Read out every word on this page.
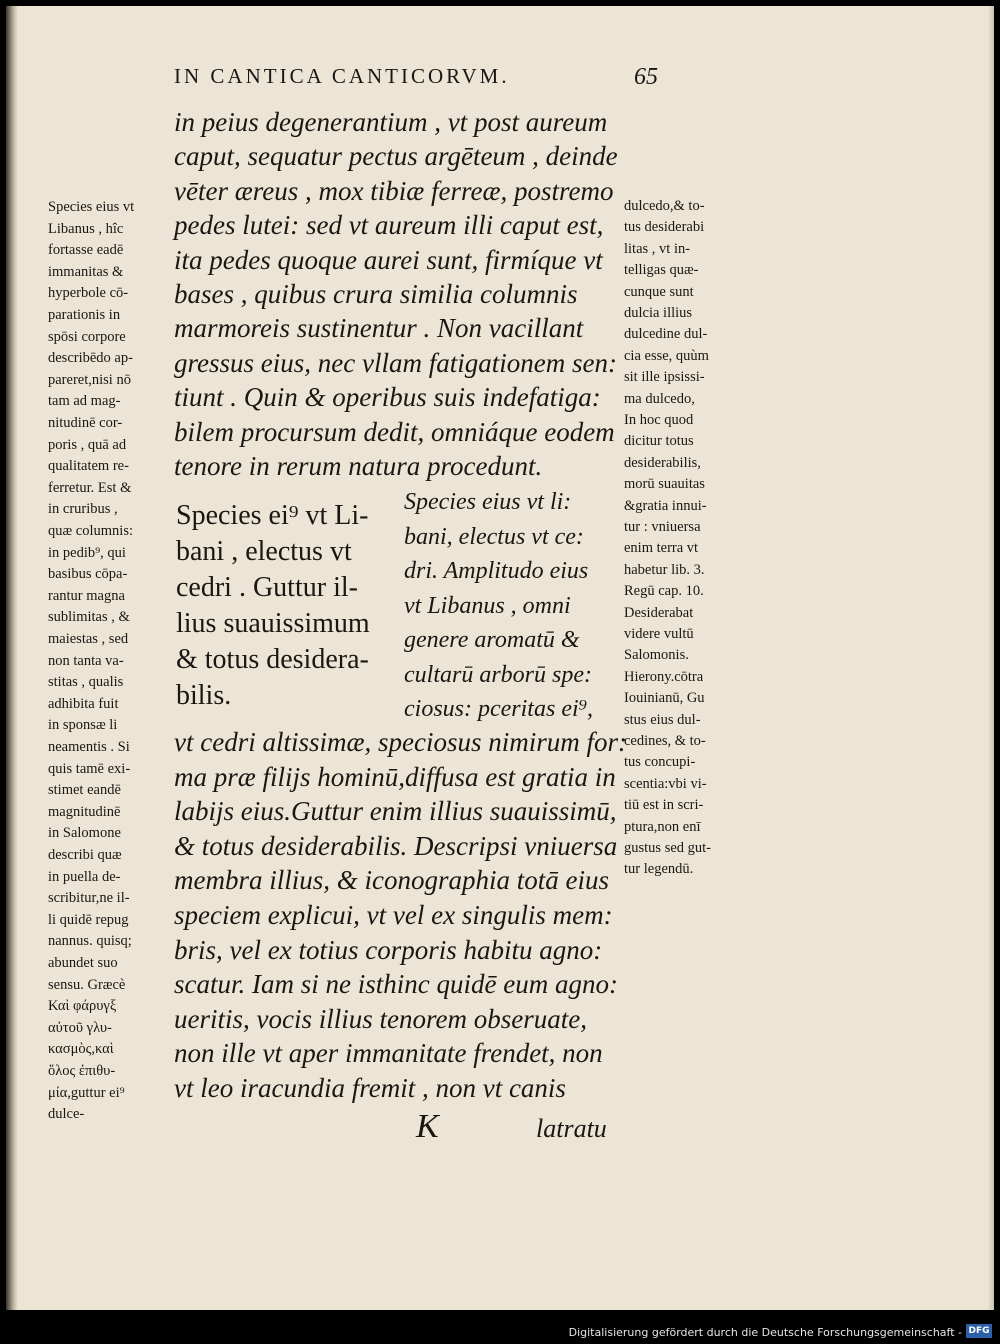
IN CANTICA CANTICORVM.	65
in peius degenerantium , vt post aureum
caput, sequatur pectus argēteum , deinde
vēter æreus , mox tibiæ ferreæ, postremo
pedes lutei: sed vt aureum illi caput est,
ita pedes quoque aurei sunt, firmíque vt
bases , quibus crura similia columnis
marmoreis sustinentur . Non vacillant
gressus eius, nec vllam fatigationem sen:
tiunt . Quin & operibus suis indefatiga:
bilem procursum dedit, omniáque eodem
tenore in rerum natura procedunt.
Species ei⁹ vt Li-
bani , electus vt
cedri . Guttur il-
lius suauissimum
& totus desidera-
bilis.
Species eius vt li:
bani, electus vt ce:
dri. Amplitudo eius
vt Libanus , omni
genere aromatū &
cultarū arborū spe:
ciosus: pceritas ei⁹,
vt cedri altissimæ, speciosus nimirum for:
ma præ filijs hominū,diffusa est gratia in
labijs eius.Guttur enim illius suauissimū,
& totus desiderabilis. Descripsi vniuersa
membra illius, & iconographia totā eius
speciem explicui, vt vel ex singulis mem:
bris, vel ex totius corporis habitu agno:
scatur. Iam si ne isthinc quidē eum agno:
ueritis, vocis illius tenorem obseruate,
non ille vt aper immanitate frendet, non
vt leo iracundia fremit , non vt canis
Species eius vt
Libanus , hîc
fortasse eadē
immanitas &
hyperbole cō-
parationis in
spōsi corpore
describēdo ap-
pareret,nisi nō
tam ad mag-
nitudinē cor-
poris , quā ad
qualitatem re-
ferretur. Est &
in cruribus ,
quæ columnis:
in pedib⁹, qui
basibus cōpa-
rantur magna
sublimitas , &
maiestas , sed
non tanta va-
stitas , qualis
adhibita fuit
in sponsæ li
neamentis . Si
quis tamē exi-
stimet eandē
magnitudinē
in Salomone
describi quæ
in puella de-
scribitur,ne il-
li quidē repug
nannus. quisq;
abundet suo
sensu. Græcè
Καὶ φάρυγξ
αὐτοῦ γλυ-
κασμὸς,καὶ
ὅλος ἐπιθυ-
μία,guttur ei⁹
dulce-
dulcedo,& to-
tus desiderabi
litas , vt in-
telligas quæ-
cunque sunt
dulcia illius
dulcedine dul-
cia esse, quùm
sit ille ipsissi-
ma dulcedo,
In hoc quod
dicitur totus
desiderabilis,
morū suauitas
&gratia innui-
tur : vniuersa
enim terra vt
habetur lib. 3.
Regū cap. 10.
Desiderabat
videre vultū
Salomonis.
Hierony.cōtra
Iouinianū, Gu
stus eius dul-
cedines, & to-
tus concupi-
scentia:vbi vi-
tiū est in scri-
ptura,non enī
gustus sed gut-
tur legendū.
K	latratu
Digitalisierung gefördert durch die Deutsche Forschungsgemeinschaft - DFG
